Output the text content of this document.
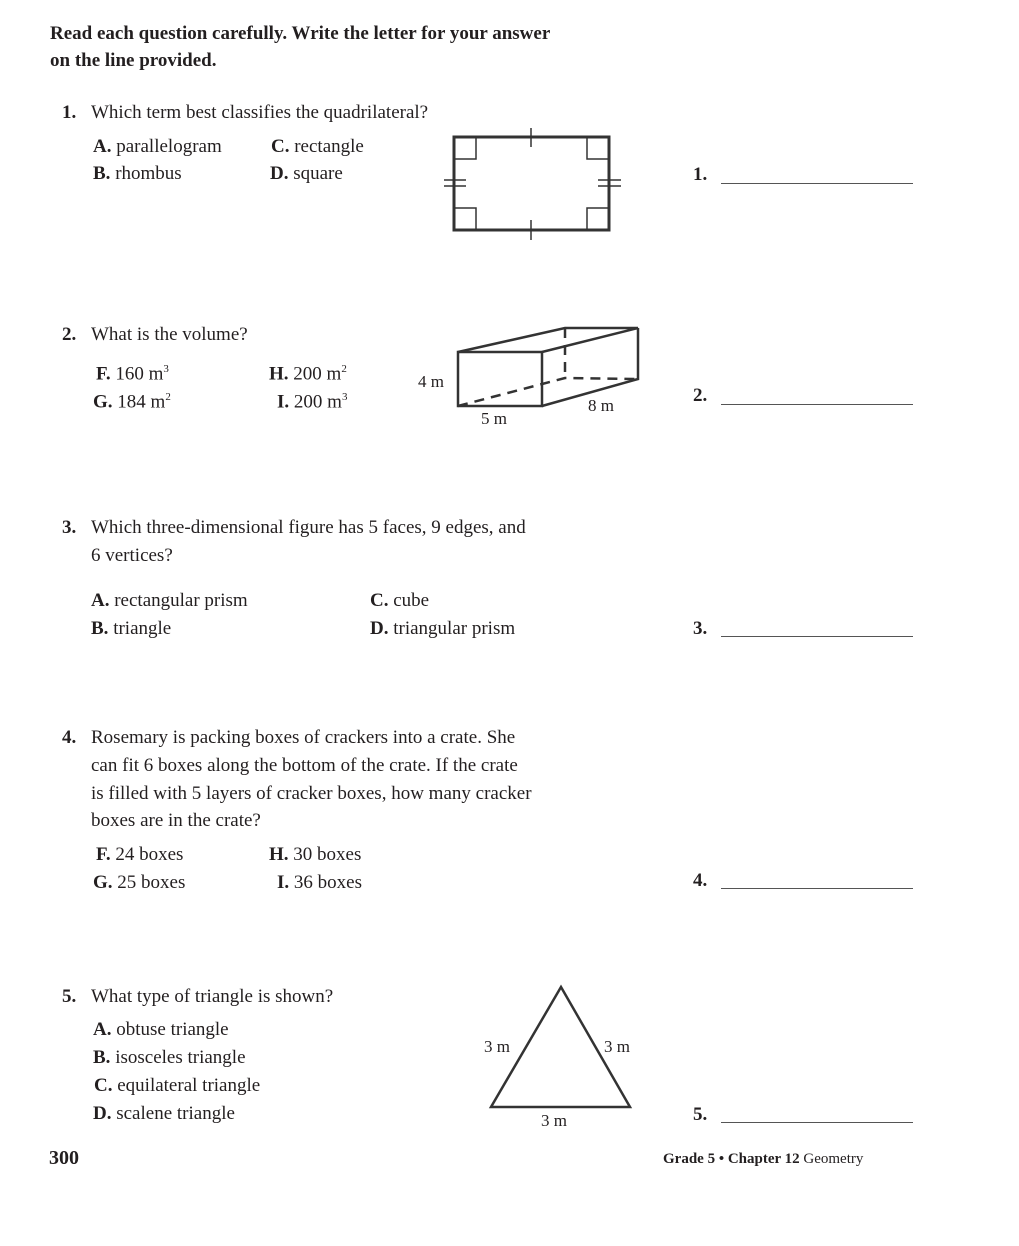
Read each question carefully. Write the letter for your answer
on the line provided.
1. Which term best classifies the quadrilateral?
A. parallelogram
B. rhombus
C. rectangle
D. square	1.
2. What is the volume?
F. 160 $m^3$
G. 184 $m^2$
H. 200 $m^2$
I. 200 $m^3$
4 m
5 m
8 m	2.
3. Which three-dimensional figure has 5 faces, 9 edges, and
6 vertices?
A. rectangular prism
B. triangle
C. cube
D. triangular prism	3.
4. Rosemary is packing boxes of crackers into a crate. She
can fit 6 boxes along the bottom of the crate. If the crate
is filled with 5 layers of cracker boxes, how many cracker
boxes are in the crate?
F. 24 boxes
G. 25 boxes
H. 30 boxes
I. 36 boxes	4.
5. What type of triangle is shown?
A. obtuse triangle
B. isosceles triangle
C. equilateral triangle
D. scalene triangle
3 m	3 m
3 m	5.
300	Grade 5 • Chapter 12 Geometry
